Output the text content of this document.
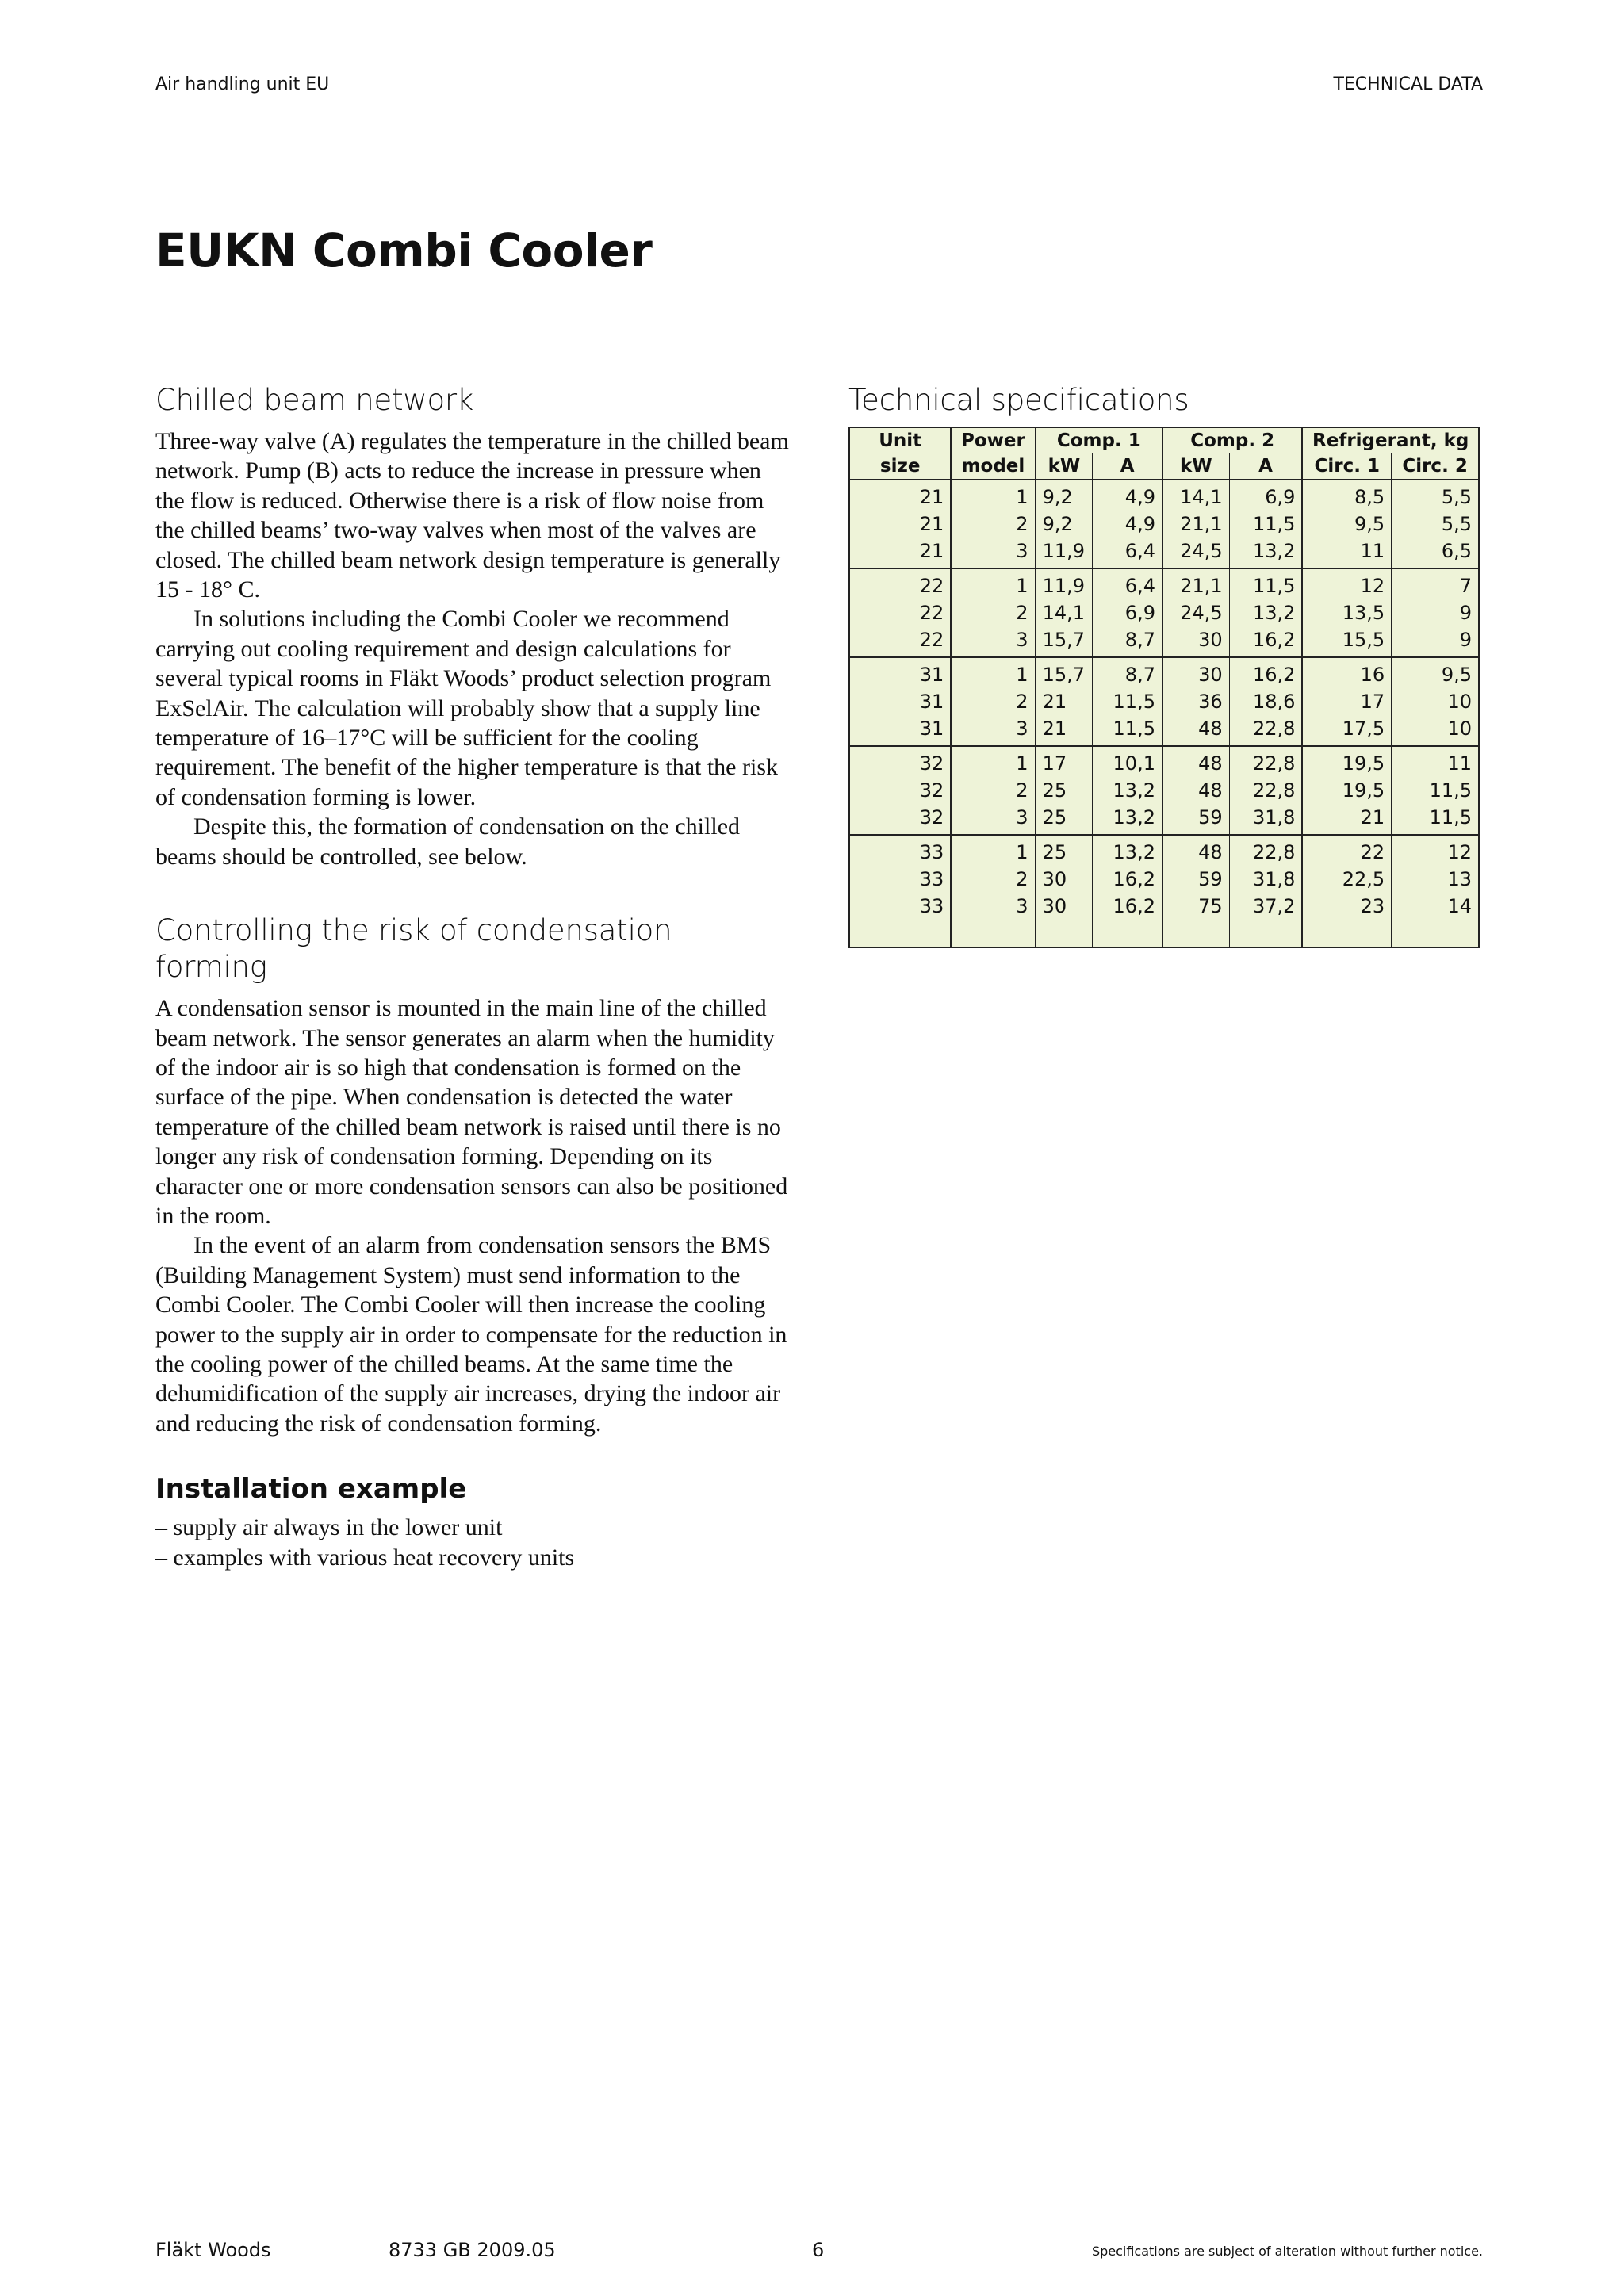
Air handling unit EU	TECHNICAL DATA
EUKN Combi Cooler
Chilled beam network

Three-way valve (A) regulates the temperature in the chilled beam network. Pump (B) acts to reduce the increase in pressure when the flow is reduced. Otherwise there is a risk of flow noise from the chilled beams’ two-way valves when most of the valves are closed. The chilled beam network design temperature is generally 15 - 18° C.

In solutions including the Combi Cooler we recommend carrying out cooling requirement and design calculations for several typical rooms in Fläkt Woods’ product selection program ExSelAir. The calculation will probably show that a supply line temperature of 16–17°C will be sufficient for the cooling requirement. The benefit of the higher temperature is that the risk of condensation forming is lower.

Despite this, the formation of condensation on the chilled beams should be controlled, see below.

Controlling the risk of condensation forming

A condensation sensor is mounted in the main line of the chilled beam network. The sensor generates an alarm when the humidity of the indoor air is so high that condensation is formed on the surface of the pipe. When condensation is detected the water temperature of the chilled beam network is raised until there is no longer any risk of condensation forming. Depending on its character one or more condensation sensors can also be positioned in the room.

In the event of an alarm from condensation sensors the BMS (Building Management System) must send information to the Combi Cooler. The Combi Cooler will then increase the cooling power to the supply air in order to compensate for the reduction in the cooling power of the chilled beams. At the same time the dehumidification of the supply air increases, drying the indoor air and reducing the risk of condensation forming.

Installation example

– supply air always in the lower unit

– examples with various heat recovery units

Technical specifications
Unit	Power	Comp. 1		Comp. 2		Refrigerant, kg	
size	model	kW	A	kW	A	Circ. 1	Circ. 2
21	1	9,2	4,9	14,1	6,9	8,5	5,5
21	2	9,2	4,9	21,1	11,5	9,5	5,5
21	3	11,9	6,4	24,5	13,2	11	6,5
22	1	11,9	6,4	21,1	11,5	12	7
22	2	14,1	6,9	24,5	13,2	13,5	9
22	3	15,7	8,7	30	16,2	15,5	9
31	1	15,7	8,7	30	16,2	16	9,5
31	2	21	11,5	36	18,6	17	10
31	3	21	11,5	48	22,8	17,5	10
32	1	17	10,1	48	22,8	19,5	11
32	2	25	13,2	48	22,8	19,5	11,5
32	3	25	13,2	59	31,8	21	11,5
33	1	25	13,2	48	22,8	22	12
33	2	30	16,2	59	31,8	22,5	13
33	3	30	16,2	75	37,2	23	14
Fläkt Woods	8733 GB 2009.05	6	Specifications are subject of alteration without further notice.
